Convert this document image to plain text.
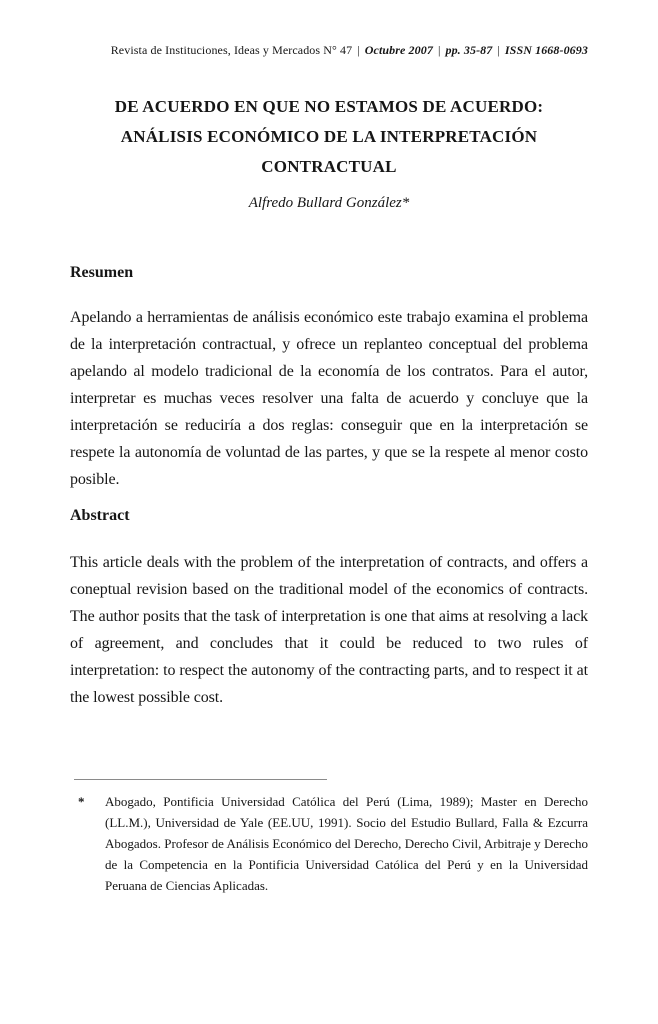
Revista de Instituciones, Ideas y Mercados N° 47 | Octubre 2007 | pp. 35-87 | ISSN 1668-0693
DE ACUERDO EN QUE NO ESTAMOS DE ACUERDO:
ANÁLISIS ECONÓMICO DE LA INTERPRETACIÓN
CONTRACTUAL
Alfredo Bullard González*
Resumen

Apelando a herramientas de análisis económico este trabajo examina el problema de la interpretación contractual, y ofrece un replanteo conceptual del problema apelando al modelo tradicional de la economía de los contratos. Para el autor, interpretar es muchas veces resolver una falta de acuerdo y concluye que la interpretación se reduciría a dos reglas: conseguir que en la interpretación se respete la autonomía de voluntad de las partes, y que se la respete al menor costo posible.

Abstract

This article deals with the problem of the interpretation of contracts, and offers a coneptual revision based on the traditional model of the economics of contracts. The author posits that the task of interpretation is one that aims at resolving a lack of agreement, and concludes that it could be reduced to two rules of interpretation: to respect the autonomy of the contracting parts, and to respect it at the lowest possible cost.

*	Abogado, Pontificia Universidad Católica del Perú (Lima, 1989); Master en Derecho (LL.M.), Universidad de Yale (EE.UU, 1991). Socio del Estudio Bullard, Falla & Ezcurra Abogados. Profesor de Análisis Económico del Derecho, Derecho Civil, Arbitraje y Derecho de la Competencia en la Pontificia Universidad Católica del Perú y en la Universidad Peruana de Ciencias Aplicadas.
